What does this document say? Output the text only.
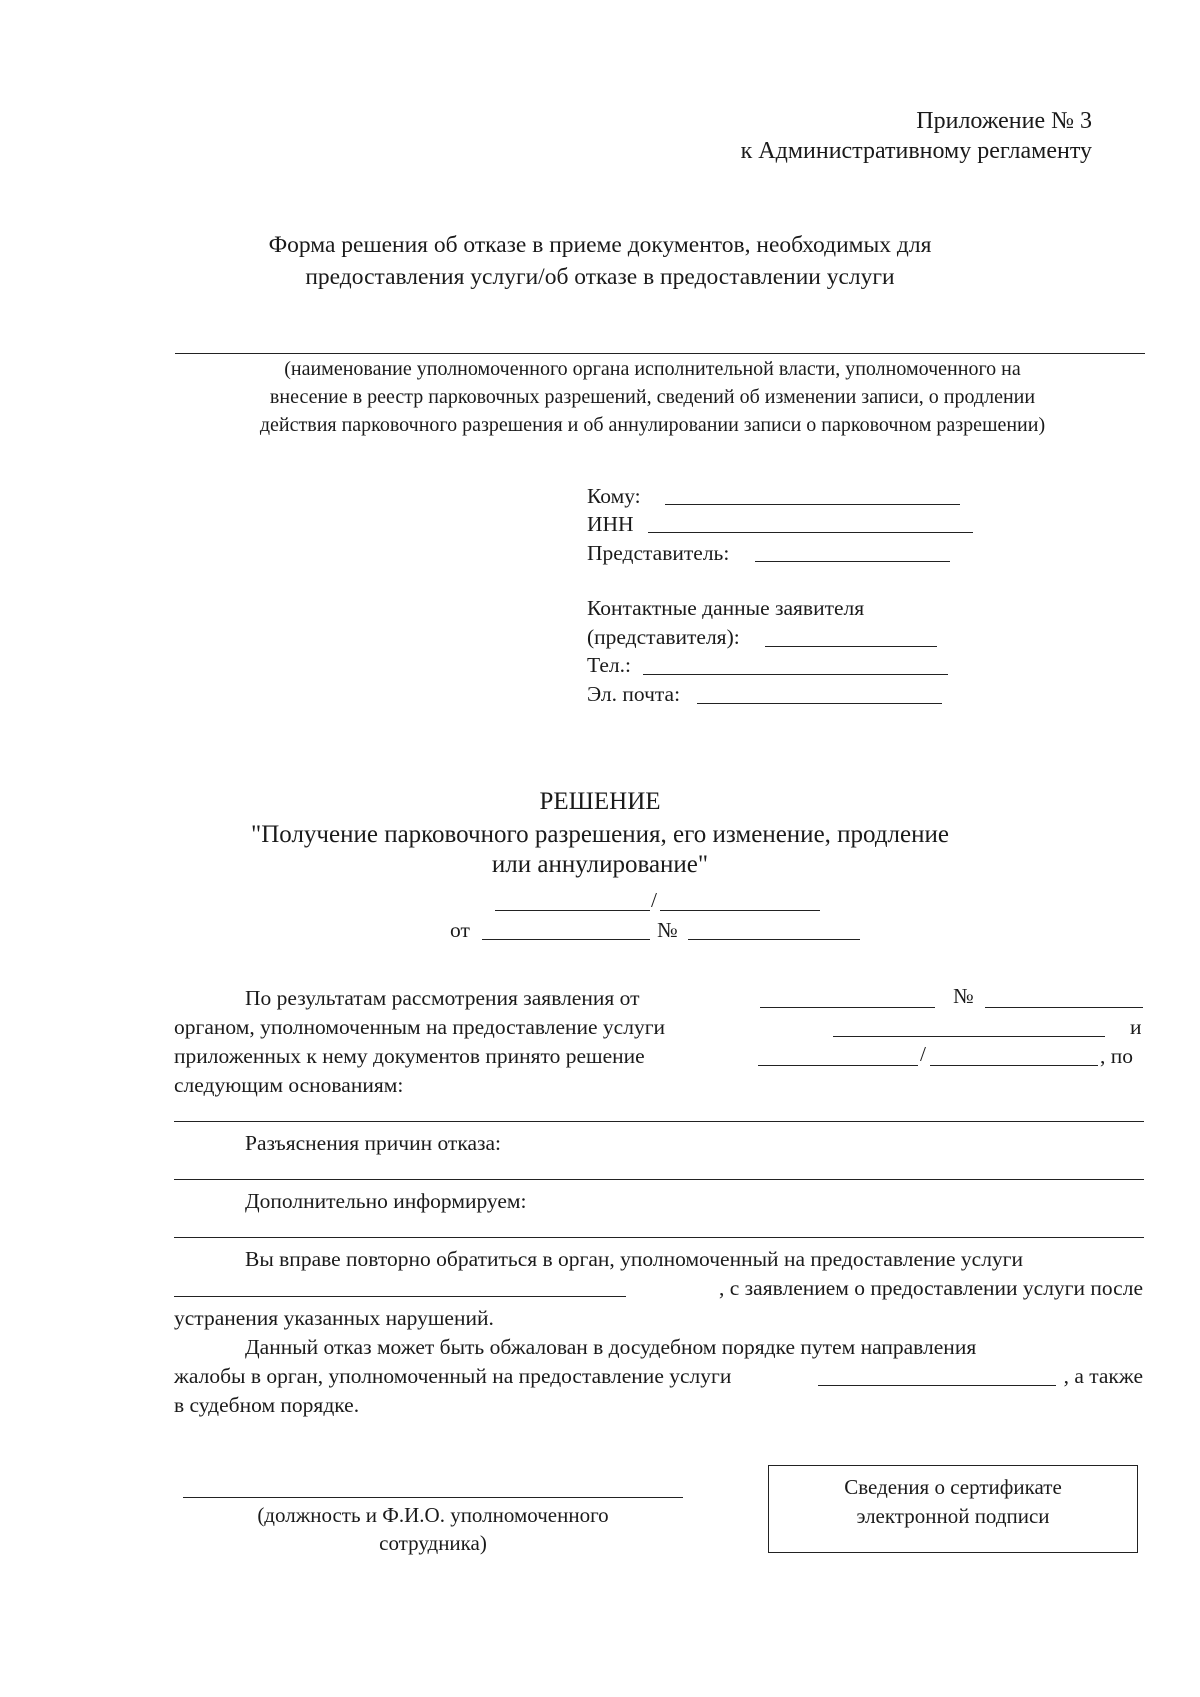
Приложение № 3
к Административному регламенту
Форма решения об отказе в приеме документов, необходимых для
предоставления услуги/об отказе в предоставлении услуги
(наименование уполномоченного органа исполнительной власти, уполномоченного на
внесение в реестр парковочных разрешений, сведений об изменении записи, о продлении
действия парковочного разрешения и об аннулировании записи о парковочном разрешении)
Кому:
ИНН
Представитель:
Контактные данные заявителя
(представителя):
Тел.:
Эл. почта:
РЕШЕНИЕ
"Получение парковочного разрешения, его изменение, продление
или аннулирование"
/
от	№
По результатам рассмотрения заявления от	№
органом, уполномоченным на предоставление услуги	и
приложенных к нему документов принято решение	/	, по
следующим основаниям:
Разъяснения причин отказа:
Дополнительно информируем:
Вы вправе повторно обратиться в орган, уполномоченный на предоставление услуги
, с заявлением о предоставлении услуги после
устранения указанных нарушений.
Данный отказ может быть обжалован в досудебном порядке путем направления
жалобы в орган, уполномоченный на предоставление услуги	, а также
в судебном порядке.
(должность и Ф.И.О. уполномоченного
сотрудника)
Сведения о сертификате
электронной подписи
